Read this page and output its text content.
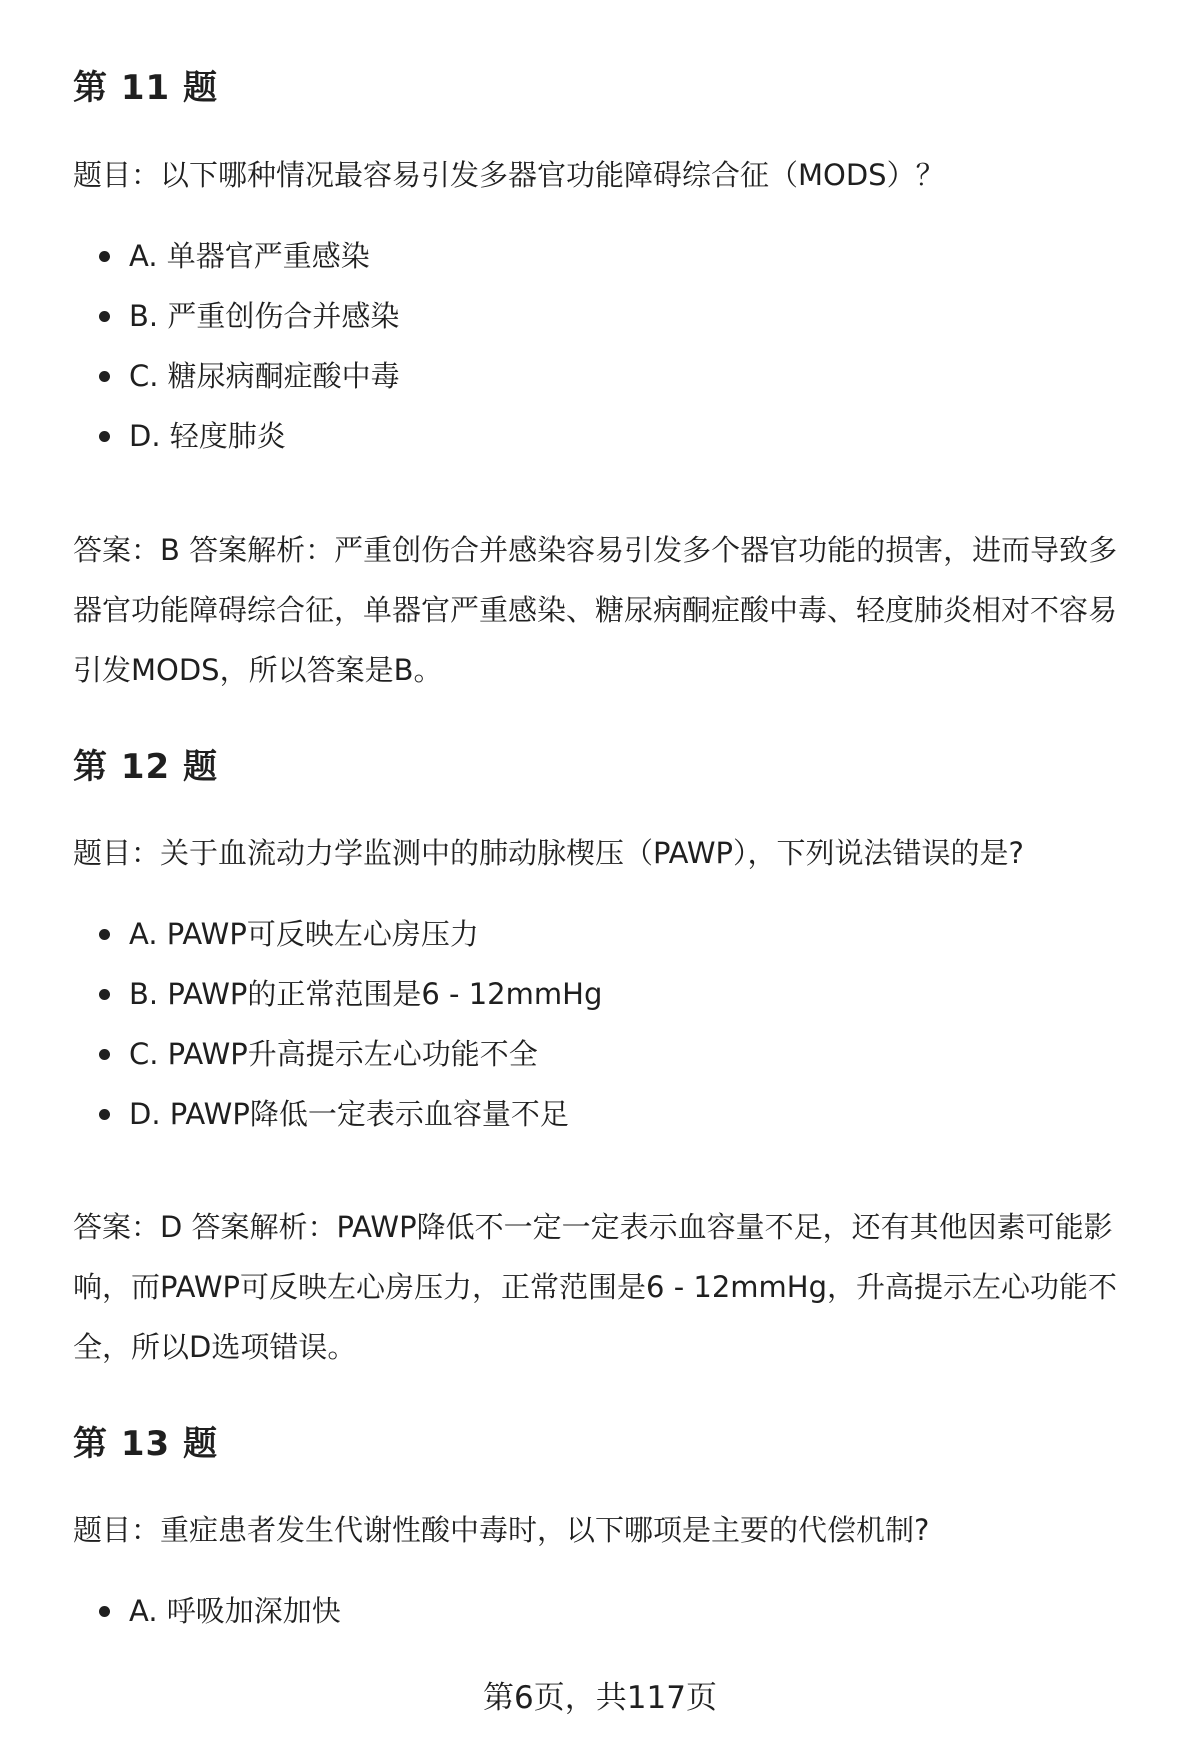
第 11 题

题目：以下哪种情况最容易引发多器官功能障碍综合征（MODS）？

A. 单器官严重感染
B. 严重创伤合并感染
C. 糖尿病酮症酸中毒
D. 轻度肺炎
答案：B 答案解析：严重创伤合并感染容易引发多个器官功能的损害，进而导致多
器官功能障碍综合征，单器官严重感染、糖尿病酮症酸中毒、轻度肺炎相对不容易
引发MODS，所以答案是B。
第 12 题

题目：关于血流动力学监测中的肺动脉楔压（PAWP），下列说法错误的是?

A. PAWP可反映左心房压力
B. PAWP的正常范围是6 - 12mmHg
C. PAWP升高提示左心功能不全
D. PAWP降低一定表示血容量不足
答案：D 答案解析：PAWP降低不一定一定表示血容量不足，还有其他因素可能影
响，而PAWP可反映左心房压力，正常范围是6 - 12mmHg，升高提示左心功能不
全，所以D选项错误。
第 13 题

题目：重症患者发生代谢性酸中毒时，以下哪项是主要的代偿机制?

A. 呼吸加深加快
第6页，共117页
